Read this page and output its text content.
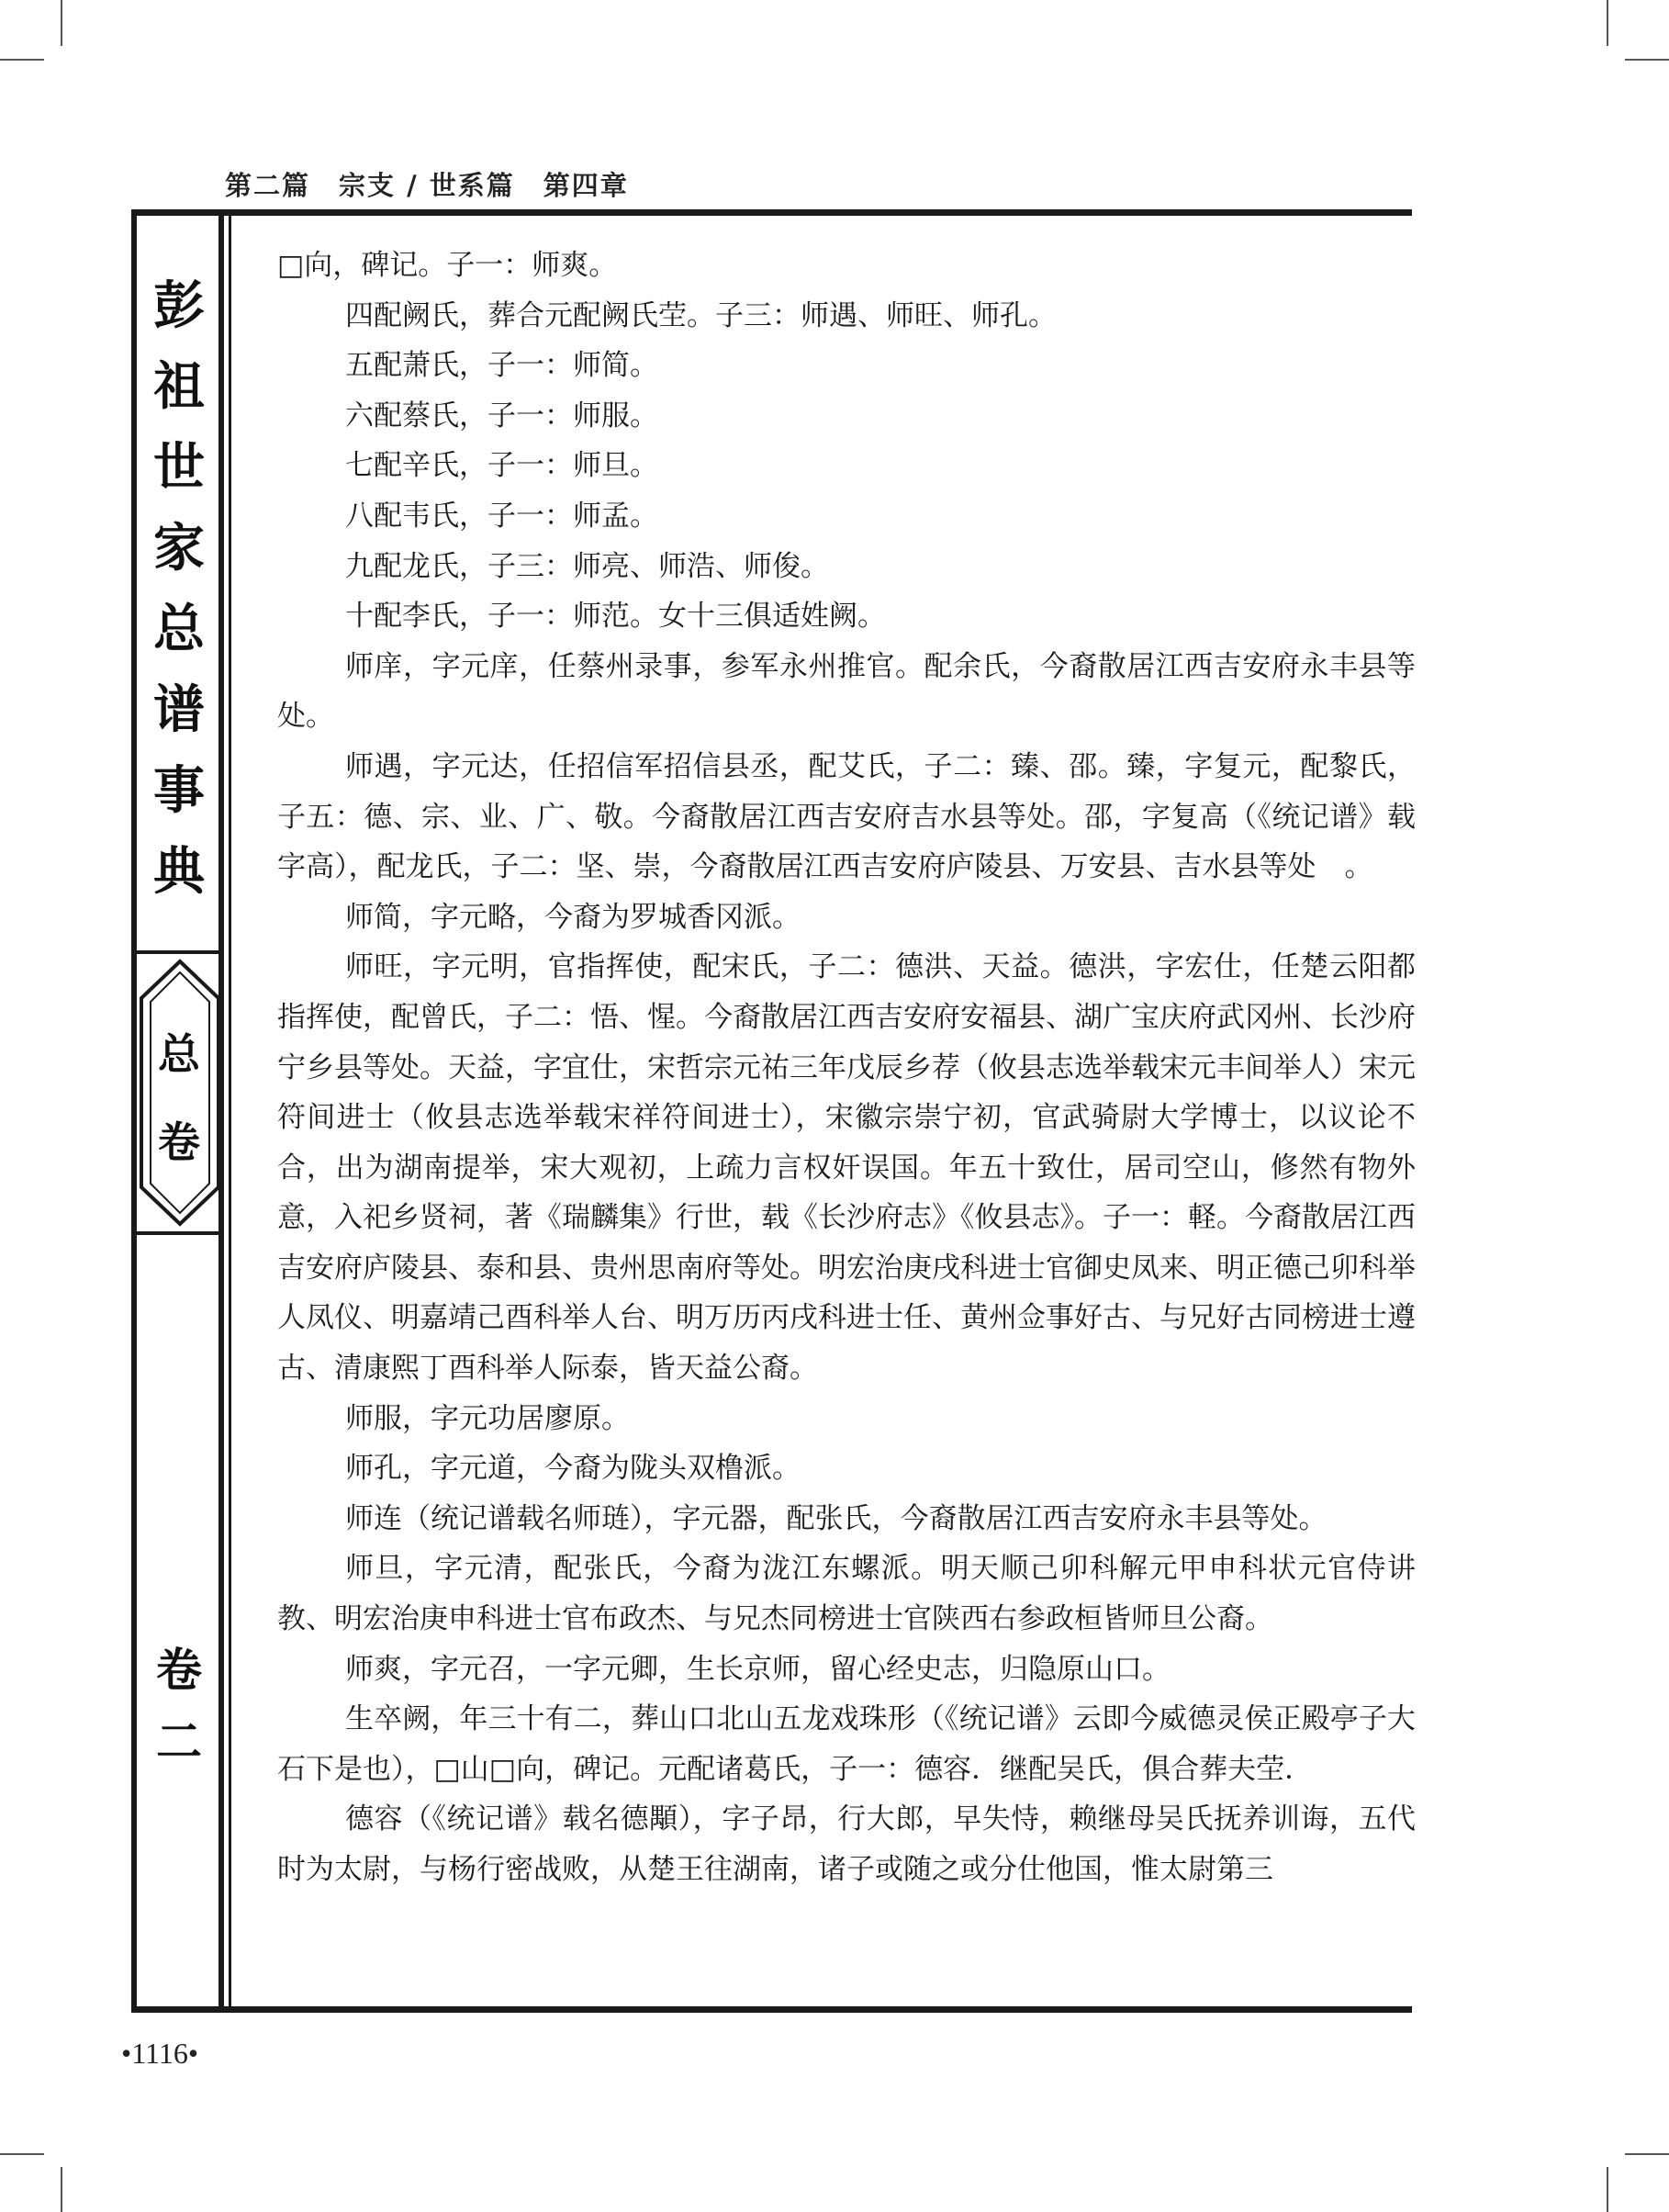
第二篇　宗支 / 世系篇　第四章
彭
祖
世
家
总
谱
事
典
总
卷
卷
二

□向，碑记。子一：师爽。

四配阙氏，葬合元配阙氏茔。子三：师遇、师旺、师孔。

五配萧氏，子一：师简。

六配蔡氏，子一：师服。

七配辛氏，子一：师旦。

八配韦氏，子一：师孟。

九配龙氏，子三：师亮、师浩、师俊。

十配李氏，子一：师范。女十三俱适姓阙。

师庠，字元庠，任蔡州录事，参军永州推官。配余氏，今裔散居江西吉安府永丰县等处。

师遇，字元达，任招信军招信县丞，配艾氏，子二：臻、邵。臻，字复元，配黎氏，子五：德、宗、业、广、敬。今裔散居江西吉安府吉水县等处。邵，字复高（《统记谱》载字高），配龙氏，子二：坚、崇，今裔散居江西吉安府庐陵县、万安县、吉水县等处　。

师简，字元略，今裔为罗城香冈派。

师旺，字元明，官指挥使，配宋氏，子二：德洪、天益。德洪，字宏仕，任楚云阳都指挥使，配曾氏，子二：悟、惺。今裔散居江西吉安府安福县、湖广宝庆府武冈州、长沙府宁乡县等处。天益，字宜仕，宋哲宗元祐三年戊辰乡荐（攸县志选举载宋元丰间举人）宋元符间进士（攸县志选举载宋祥符间进士），宋徽宗崇宁初，官武骑尉大学博士，以议论不合，出为湖南提举，宋大观初，上疏力言权奸误国。年五十致仕，居司空山，修然有物外意，入祀乡贤祠，著《瑞麟集》行世，载《长沙府志》《攸县志》。子一：軽。今裔散居江西吉安府庐陵县、泰和县、贵州思南府等处。明宏治庚戌科进士官御史凤来、明正德己卯科举人凤仪、明嘉靖己酉科举人台、明万历丙戌科进士任、黄州佥事好古、与兄好古同榜进士遵古、清康熙丁酉科举人际泰，皆天益公裔。

师服，字元功居廖原。

师孔，字元道，今裔为陇头双橹派。

师连（统记谱载名师琏），字元器，配张氏，今裔散居江西吉安府永丰县等处。

师旦，字元清，配张氏，今裔为泷江东螺派。明天顺己卯科解元甲申科状元官侍讲教、明宏治庚申科进士官布政杰、与兄杰同榜进士官陕西右参政桓皆师旦公裔。

师爽，字元召，一字元卿，生长京师，留心经史志，归隐原山口。

生卒阙，年三十有二，葬山口北山五龙戏珠形（《统记谱》云即今威德灵侯正殿亭子大石下是也），□山□向，碑记。元配诸葛氏，子一：德容．继配吴氏，俱合葬夫茔．

德容（《统记谱》载名德顒），字子昂，行大郎，早失恃，赖继母吴氏抚养训诲，五代时为太尉，与杨行密战败，从楚王往湖南，诸子或随之或分仕他国，惟太尉第三

•1116•
